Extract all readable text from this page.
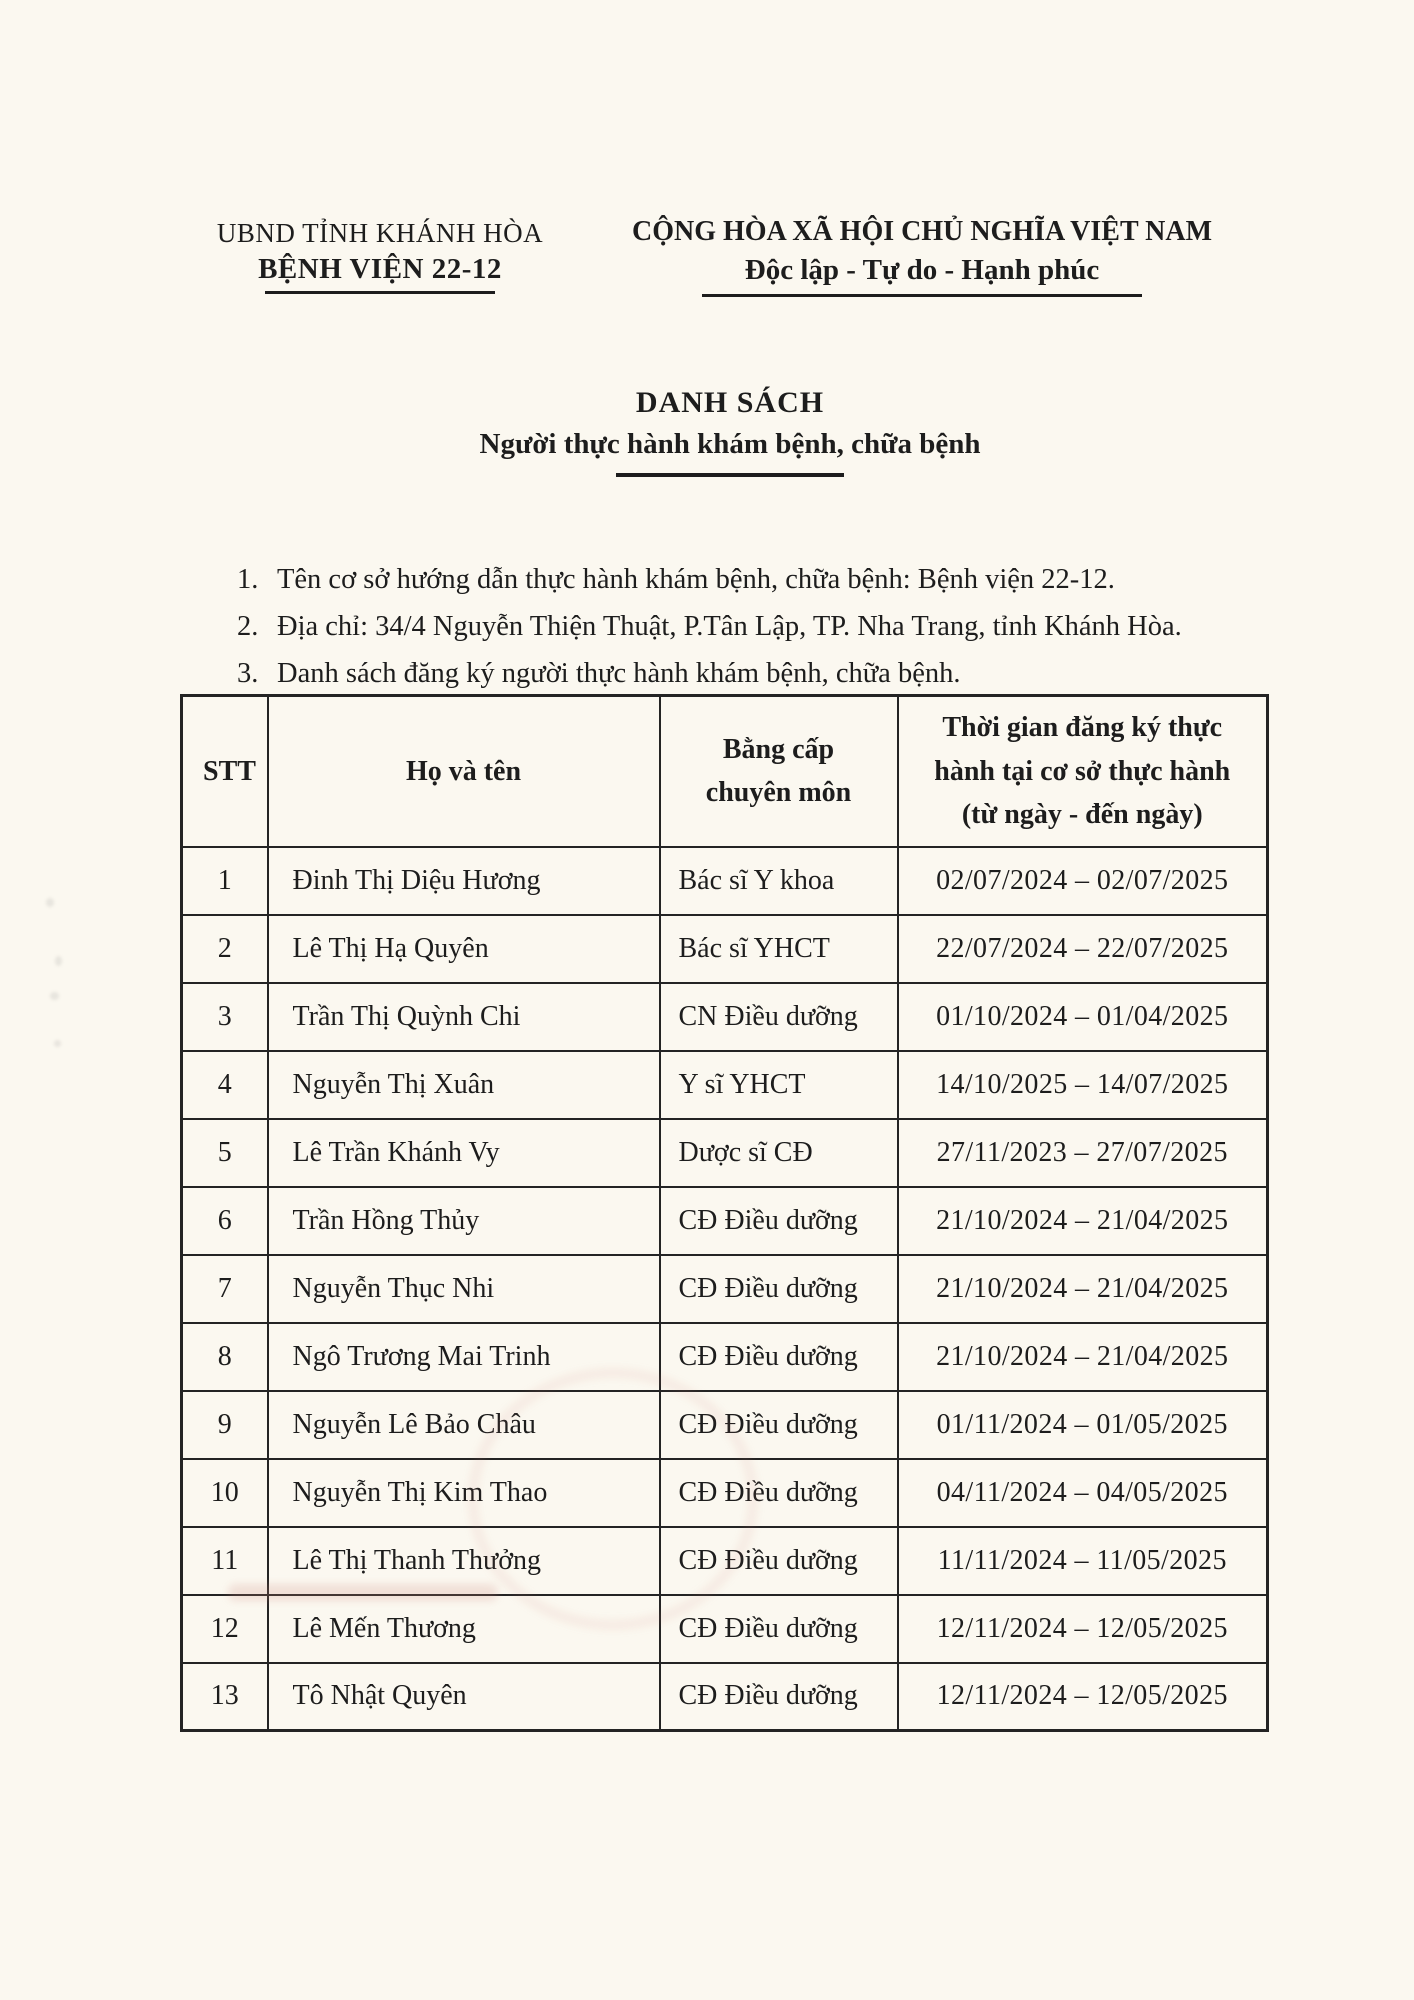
UBND TỈNH KHÁNH HÒA
BỆNH VIỆN 22-12
CỘNG HÒA XÃ HỘI CHỦ NGHĨA VIỆT NAM
Độc lập - Tự do - Hạnh phúc
DANH SÁCH
Người thực hành khám bệnh, chữa bệnh
1. Tên cơ sở hướng dẫn thực hành khám bệnh, chữa bệnh: Bệnh viện 22-12.
2. Địa chỉ: 34/4 Nguyễn Thiện Thuật, P.Tân Lập, TP. Nha Trang, tỉnh Khánh Hòa.
3. Danh sách đăng ký người thực hành khám bệnh, chữa bệnh.
STT	Họ và tên	Bằng cấp chuyên môn	Thời gian đăng ký thực hành tại cơ sở thực hành (từ ngày - đến ngày)
1	Đinh Thị Diệu Hương	Bác sĩ Y khoa	02/07/2024 – 02/07/2025
2	Lê Thị Hạ Quyên	Bác sĩ YHCT	22/07/2024 – 22/07/2025
3	Trần Thị Quỳnh Chi	CN Điều dưỡng	01/10/2024 – 01/04/2025
4	Nguyễn Thị Xuân	Y sĩ YHCT	14/10/2025 – 14/07/2025
5	Lê Trần Khánh Vy	Dược sĩ CĐ	27/11/2023 – 27/07/2025
6	Trần Hồng Thủy	CĐ Điều dưỡng	21/10/2024 – 21/04/2025
7	Nguyễn Thục Nhi	CĐ Điều dưỡng	21/10/2024 – 21/04/2025
8	Ngô Trương Mai Trinh	CĐ Điều dưỡng	21/10/2024 – 21/04/2025
9	Nguyễn Lê Bảo Châu	CĐ Điều dưỡng	01/11/2024 – 01/05/2025
10	Nguyễn Thị Kim Thao	CĐ Điều dưỡng	04/11/2024 – 04/05/2025
11	Lê Thị Thanh Thưởng	CĐ Điều dưỡng	11/11/2024 – 11/05/2025
12	Lê Mến Thương	CĐ Điều dưỡng	12/11/2024 – 12/05/2025
13	Tô Nhật Quyên	CĐ Điều dưỡng	12/11/2024 – 12/05/2025
